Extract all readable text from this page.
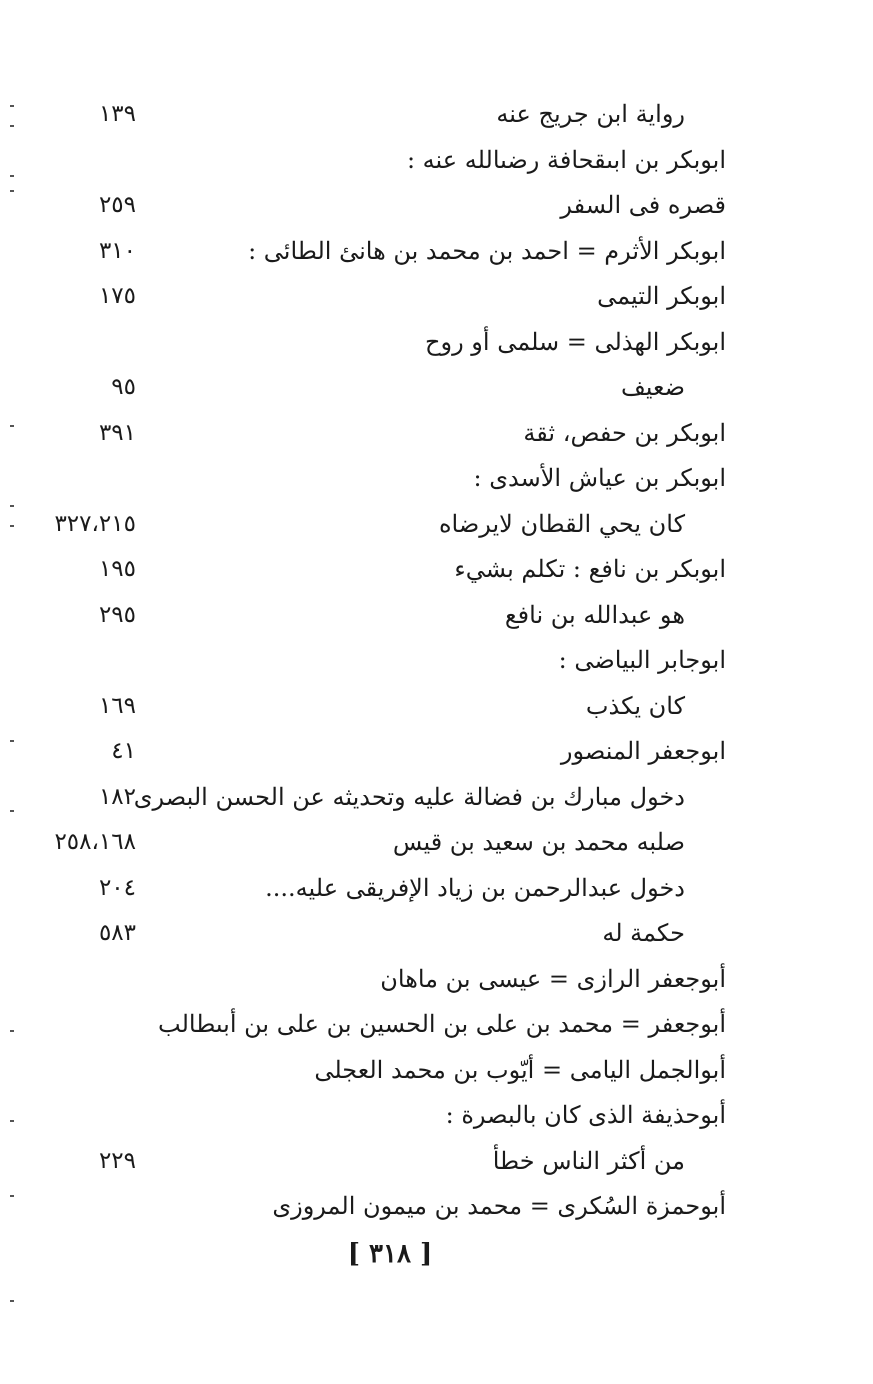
رواية ابن جريج عنه
١٣٩
ابوبكر بن ابىقحافة رضىالله عنه :
قصره فى السفر
٢٥٩
ابوبكر الأثرم = احمد بن محمد بن هانئ الطائى :
٣١٠
ابوبكر التيمى
١٧٥
ابوبكر الهذلى = سلمى أو روح
ضعيف
٩٥
ابوبكر بن حفص، ثقة
٣٩١
ابوبكر بن عياش الأسدى :
كان يحي القطان لايرضاه
٣٢٧،٢١٥
ابوبكر بن نافع : تكلم بشيء
١٩٥
هو عبدالله بن نافع
٢٩٥
ابوجابر البياضى :
كان يكذب
١٦٩
ابوجعفر المنصور
٤١
دخول مبارك بن فضالة عليه وتحديثه عن الحسن البصرى
١٨٢
صلبه محمد بن سعيد بن قيس
٢٥٨،١٦٨
دخول عبدالرحمن بن زياد الإفريقى عليه....
٢٠٤
حكمة له
٥٨٣
أبوجعفر الرازى = عيسى بن ماهان
أبوجعفر = محمد بن على بن الحسين بن على بن أبىطالب
أبوالجمل اليامى = أيّوب بن محمد العجلى
أبوحذيفة الذى كان بالبصرة :
من أكثر الناس خطأ
٢٢٩
أبوحمزة السُكرى = محمد بن ميمون المروزى
[ ٣١٨ ]
